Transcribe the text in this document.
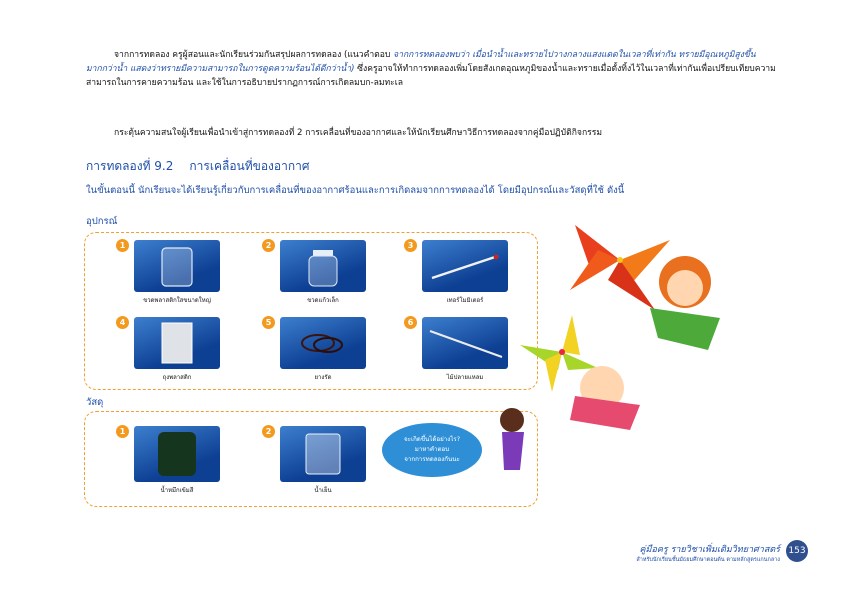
จากการทดลอง ครูผู้สอนและนักเรียนร่วมกันสรุปผลการทดลอง (แนวคำตอบ จากการทดลองพบว่า เมื่อนำน้ำและทรายไปวางกลางแสงแดดในเวลาที่เท่ากัน ทรายมีอุณหภูมิสูงขึ้นมากกว่าน้ำ แสดงว่าทรายมีความสามารถในการดูดความร้อนได้ดีกว่าน้ำ) ซึ่งครูอาจให้ทำการทดลองเพิ่มโดยสังเกตอุณหภูมิของน้ำและทรายเมื่อตั้งทิ้งไว้ในเวลาที่เท่ากันเพื่อเปรียบเทียบความสามารถในการคายความร้อน และใช้ในการอธิบายปรากฏการณ์การเกิดลมบก-ลมทะเล
กระตุ้นความสนใจผู้เรียนเพื่อนำเข้าสู่การทดลองที่ 2 การเคลื่อนที่ของอากาศและให้นักเรียนศึกษาวิธีการทดลองจากคู่มือปฏิบัติกิจกรรม
การทดลองที่ 9.2 การเคลื่อนที่ของอากาศ
ในขั้นตอนนี้ นักเรียนจะได้เรียนรู้เกี่ยวกับการเคลื่อนที่ของอากาศร้อนและการเกิดลมจากการทดลองได้ โดยมีอุปกรณ์และวัสดุที่ใช้ ดังนี้
อุปกรณ์
1
ขวดพลาสติกใสขนาดใหญ่
2
ขวดแก้วเล็ก
3
เทอร์โมมิเตอร์
4
ถุงพลาสติก
5
ยางรัด
6
ไม้ปลายแหลม
วัสดุ
1
น้ำหมึกเข้มสี
2
น้ำเย็น
จะเกิดขึ้นได้อย่างไร?
มาหาคำตอบ
จากการทดลองกันนะ
คู่มือครู รายวิชาเพิ่มเติมวิทยาศาสตร์
สำหรับนักเรียนชั้นมัธยมศึกษาตอนต้น ตามหลักสูตรแกนกลาง
153
